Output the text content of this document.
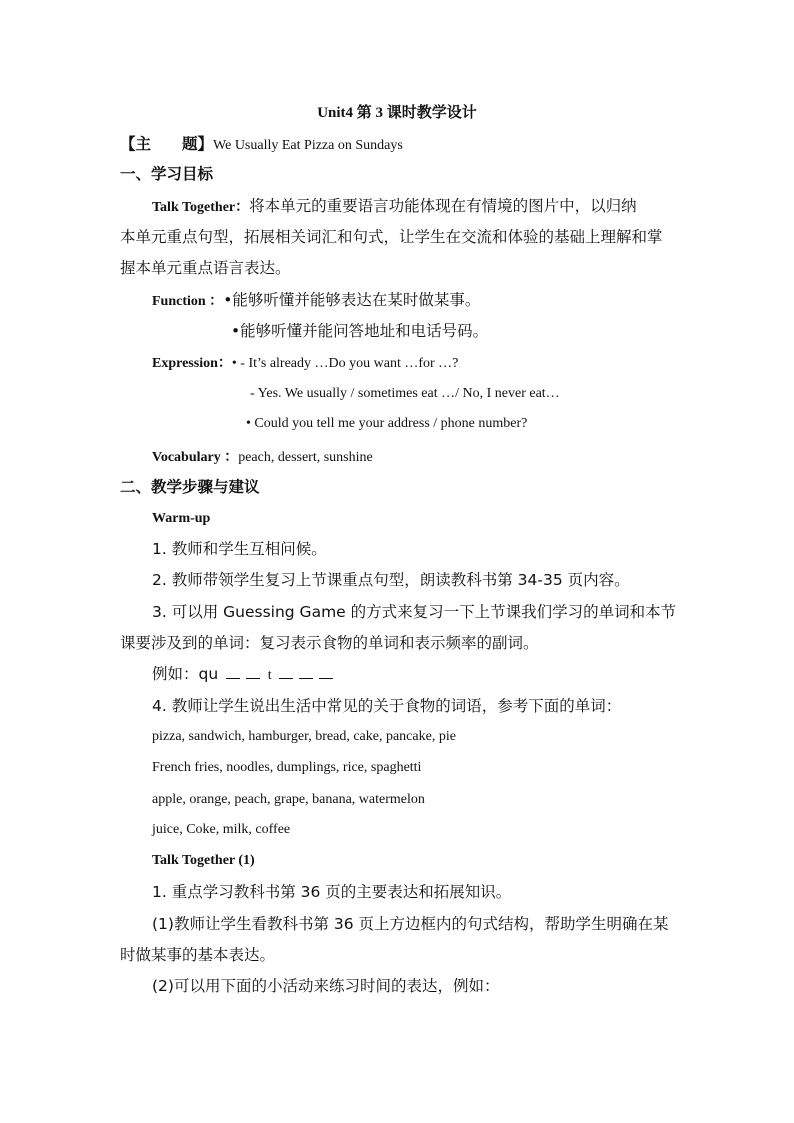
Unit4 第 3 课时教学设计
【主　　题】We Usually Eat Pizza on Sundays
一、学习目标
Talk Together：将本单元的重要语言功能体现在有情境的图片中，以归纳
本单元重点句型，拓展相关词汇和句式，让学生在交流和体验的基础上理解和掌
握本单元重点语言表达。
Function ：•能够听懂并能够表达在某时做某事。
•能够听懂并能问答地址和电话号码。
Expression：• - It’s already …Do you want …for …?
- Yes. We usually / sometimes eat …/ No, I never eat…
• Could you tell me your address / phone number?
Vocabulary ：peach, dessert, sunshine
二、教学步骤与建议
Warm-up
1. 教师和学生互相问候。
2. 教师带领学生复习上节课重点句型，朗读教科书第 34-35 页内容。
3. 可以用 Guessing Game 的方式来复习一下上节课我们学习的单词和本节
课要涉及到的单词：复习表示食物的单词和表示频率的副词。
例如：qu	t
4. 教师让学生说出生活中常见的关于食物的词语，参考下面的单词：
pizza, sandwich, hamburger, bread, cake, pancake, pie
French fries, noodles, dumplings, rice, spaghetti
apple, orange, peach, grape, banana, watermelon
juice, Coke, milk, coffee
Talk Together (1)
1. 重点学习教科书第 36 页的主要表达和拓展知识。
(1)教师让学生看教科书第 36 页上方边框内的句式结构，帮助学生明确在某
时做某事的基本表达。
(2)可以用下面的小活动来练习时间的表达，例如：
